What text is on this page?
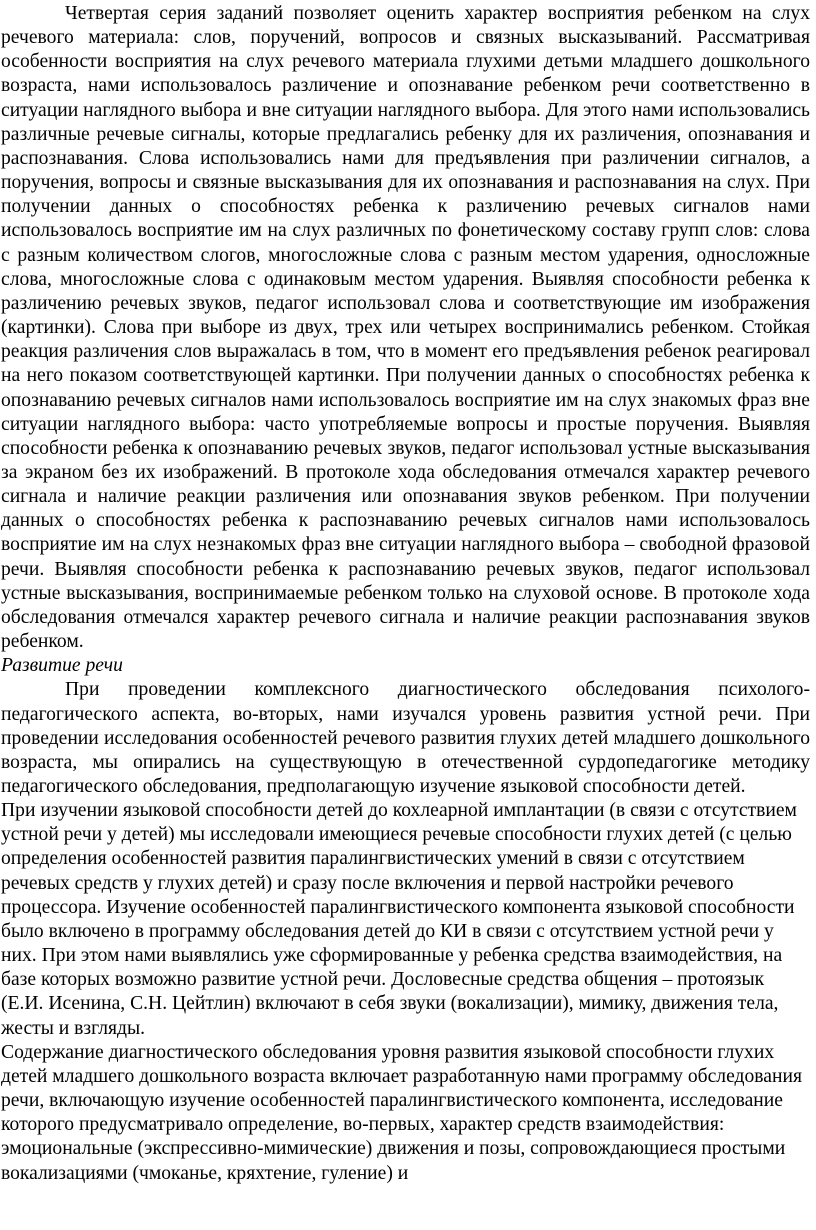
Четвертая серия заданий позволяет оценить характер восприятия ребенком на слух речевого материала: слов, поручений, вопросов и связных высказываний. Рассматривая особенности восприятия на слух речевого материала глухими детьми младшего дошкольного возраста, нами использовалось различение и опознавание ребенком речи соответственно в ситуации наглядного выбора и вне ситуации наглядного выбора. Для этого нами использовались различные речевые сигналы, которые предлагались ребенку для их различения, опознавания и распознавания. Слова использовались нами для предъявления при различении сигналов, а поручения, вопросы и связные высказывания для их опознавания и распознавания на слух. При получении данных о способностях ребенка к различению речевых сигналов нами использовалось восприятие им на слух различных по фонетическому составу групп слов: слова с разным количеством слогов, многосложные слова с разным местом ударения, односложные слова, многосложные слова с одинаковым местом ударения. Выявляя способности ребенка к различению речевых звуков, педагог использовал слова и соответствующие им изображения (картинки). Слова при выборе из двух, трех или четырех воспринимались ребенком. Стойкая реакция различения слов выражалась в том, что в момент его предъявления ребенок реагировал на него показом соответствующей картинки. При получении данных о способностях ребенка к опознаванию речевых сигналов нами использовалось восприятие им на слух знакомых фраз вне ситуации наглядного выбора: часто употребляемые вопросы и простые поручения. Выявляя способности ребенка к опознаванию речевых звуков, педагог использовал устные высказывания за экраном без их изображений. В протоколе хода обследования отмечался характер речевого сигнала и наличие реакции различения или опознавания звуков ребенком. При получении данных о способностях ребенка к распознаванию речевых сигналов нами использовалось восприятие им на слух незнакомых фраз вне ситуации наглядного выбора – свободной фразовой речи. Выявляя способности ребенка к распознаванию речевых звуков, педагог использовал устные высказывания, воспринимаемые ребенком только на слуховой основе. В протоколе хода обследования отмечался характер речевого сигнала и наличие реакции распознавания звуков ребенком.

Развитие речи

При проведении комплексного диагностического обследования психолого-педагогического аспекта, во-вторых, нами изучался уровень развития устной речи. При проведении исследования особенностей речевого развития глухих детей младшего дошкольного возраста, мы опирались на существующую в отечественной сурдопедагогике методику педагогического обследования, предполагающую изучение языковой способности детей.

При изучении языковой способности детей до кохлеарной имплантации (в связи с отсутствием устной речи у детей) мы исследовали имеющиеся речевые способности глухих детей (с целью определения особенностей развития паралингвистических умений в связи с отсутствием речевых средств у глухих детей) и сразу после включения и первой настройки речевого процессора. Изучение особенностей паралингвистического компонента языковой способности было включено в программу обследования детей до КИ в связи с отсутствием устной речи у них. При этом нами выявлялись уже сформированные у ребенка средства взаимодействия, на базе которых возможно развитие устной речи. Дословесные средства общения – протоязык (Е.И. Исенина, С.Н. Цейтлин) включают в себя звуки (вокализации), мимику, движения тела, жесты и взгляды.

Содержание диагностического обследования уровня развития языковой способности глухих детей младшего дошкольного возраста включает разработанную нами программу обследования речи, включающую изучение особенностей паралингвистического компонента, исследование которого предусматривало определение, во-первых, характер средств взаимодействия: эмоциональные (экспрессивно-мимические) движения и позы, сопровождающиеся простыми вокализациями (чмоканье, кряхтение, гуление) и
